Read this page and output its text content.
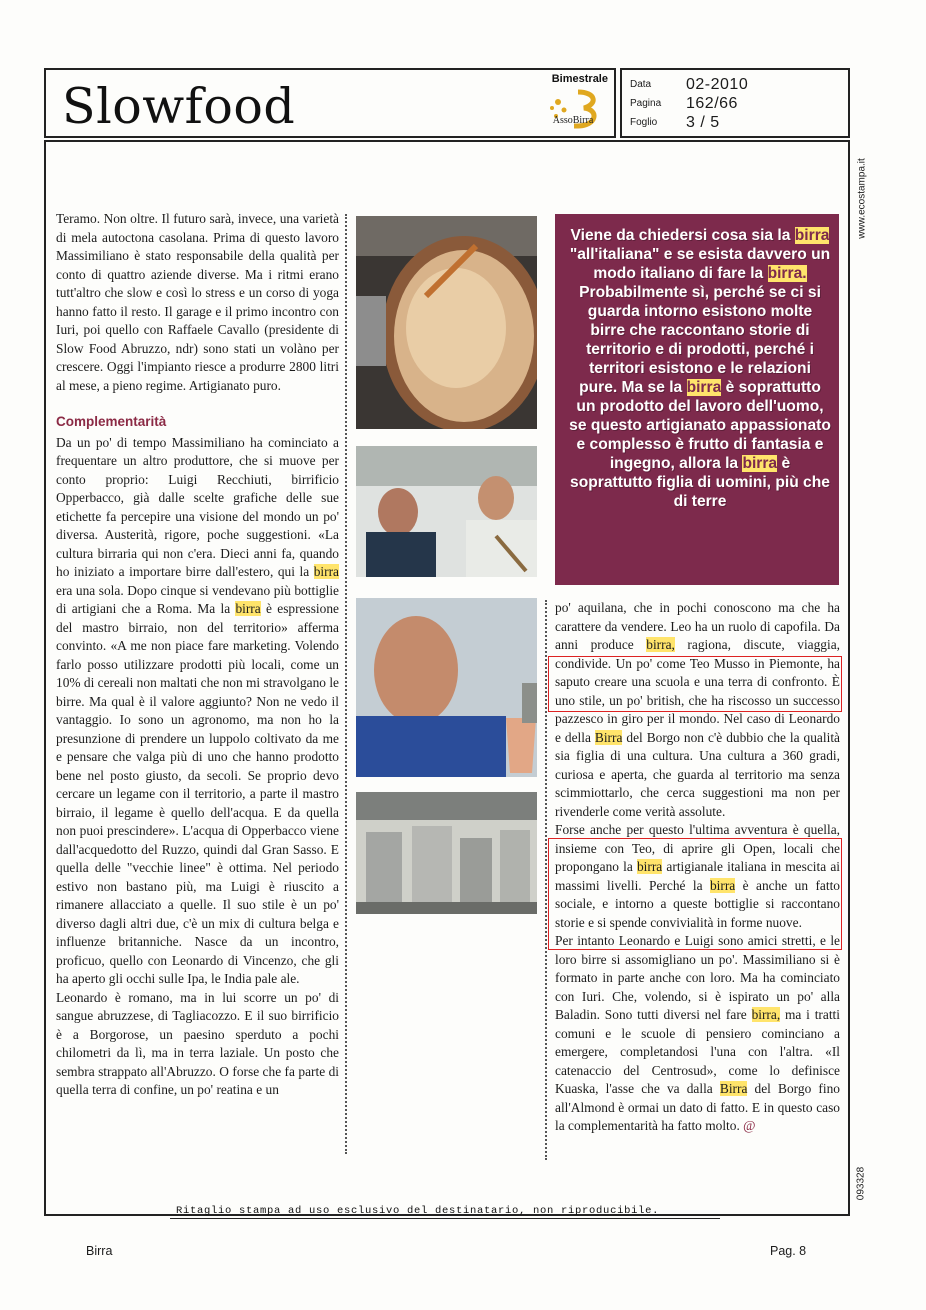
Slowfood	Bimestrale
AssoBirra
Data 02-2010
Pagina 162/66
Foglio 3 / 5
www.ecostampa.it
093328

Teramo. Non oltre. Il futuro sarà, invece, una varietà di mela autoctona casolana. Prima di questo lavoro Massimiliano è stato responsabile della qualità per conto di quattro aziende diverse. Ma i ritmi erano tutt'altro che slow e così lo stress e un corso di yoga hanno fatto il resto. Il garage e il primo incontro con Iuri, poi quello con Raffaele Cavallo (presidente di Slow Food Abruzzo, ndr) sono stati un volàno per crescere. Oggi l'impianto riesce a produrre 2800 litri al mese, a pieno regime. Artigianato puro.

Complementarità

Da un po' di tempo Massimiliano ha cominciato a frequentare un altro produttore, che si muove per conto proprio: Luigi Recchiuti, birrificio Opperbacco, già dalle scelte grafiche delle sue etichette fa percepire una visione del mondo un po' diversa. Austerità, rigore, poche suggestioni. «La cultura birraria qui non c'era. Dieci anni fa, quando ho iniziato a importare birre dall'estero, qui la birra era una sola. Dopo cinque si vendevano più bottiglie di artigiani che a Roma. Ma la birra è espressione del mastro birraio, non del territorio» afferma convinto. «A me non piace fare marketing. Volendo farlo posso utilizzare prodotti più locali, come un 10% di cereali non maltati che non mi stravolgano le birre. Ma qual è il valore aggiunto? Non ne vedo il vantaggio. Io sono un agronomo, ma non ho la presunzione di prendere un luppolo coltivato da me e pensare che valga più di uno che hanno prodotto bene nel posto giusto, da secoli. Se proprio devo cercare un legame con il territorio, a parte il mastro birraio, il legame è quello dell'acqua. E da quella non puoi prescindere». L'acqua di Opperbacco viene dall'acquedotto del Ruzzo, quindi dal Gran Sasso. E quella delle "vecchie linee" è ottima. Nel periodo estivo non bastano più, ma Luigi è riuscito a rimanere allacciato a quelle. Il suo stile è un po' diverso dagli altri due, c'è un mix di cultura belga e influenze britanniche. Nasce da un incontro, proficuo, quello con Leonardo di Vincenzo, che gli ha aperto gli occhi sulle Ipa, le India pale ale.

Leonardo è romano, ma in lui scorre un po' di sangue abruzzese, di Tagliacozzo. E il suo birrificio è a Borgorose, un paesino sperduto a pochi chilometri da lì, ma in terra laziale. Un posto che sembra strappato all'Abruzzo. O forse che fa parte di quella terra di confine, un po' reatina e un

Viene da chiedersi cosa sia la birra "all'italiana" e se esista davvero un modo italiano di fare la birra. Probabilmente sì, perché se ci si guarda intorno esistono molte birre che raccontano storie di territorio e di prodotti, perché i territori esistono e le relazioni pure. Ma se la birra è soprattutto un prodotto del lavoro dell'uomo, se questo artigianato appassionato e complesso è frutto di fantasia e ingegno, allora la birra è soprattutto figlia di uomini, più che di terre

po' aquilana, che in pochi conoscono ma che ha carattere da vendere. Leo ha un ruolo di capofila. Da anni produce birra, ragiona, discute, viaggia, condivide. Un po' come Teo Musso in Piemonte, ha saputo creare una scuola e una terra di confronto. È uno stile, un po' british, che ha riscosso un successo pazzesco in giro per il mondo. Nel caso di Leonardo e della Birra del Borgo non c'è dubbio che la qualità sia figlia di una cultura. Una cultura a 360 gradi, curiosa e aperta, che guarda al territorio ma senza scimmiottarlo, che cerca suggestioni ma non per rivenderle come verità assolute.

Forse anche per questo l'ultima avventura è quella, insieme con Teo, di aprire gli Open, locali che propongano la birra artigianale italiana in mescita ai massimi livelli. Perché la birra è anche un fatto sociale, e intorno a queste bottiglie si raccontano storie e si spende convivialità in forme nuove.

Per intanto Leonardo e Luigi sono amici stretti, e le loro birre si assomigliano un po'. Massimiliano si è formato in parte anche con loro. Ma ha cominciato con Iuri. Che, volendo, si è ispirato un po' alla Baladin. Sono tutti diversi nel fare birra, ma i tratti comuni e le scuole di pensiero cominciano a emergere, completandosi l'una con l'altra. «Il catenaccio del Centrosud», come lo definisce Kuaska, l'asse che va dalla Birra del Borgo fino all'Almond è ormai un dato di fatto. E in questo caso la complementarità ha fatto molto. @

Ritaglio stampa ad uso esclusivo del destinatario, non riproducibile.
Birra	Pag. 8
